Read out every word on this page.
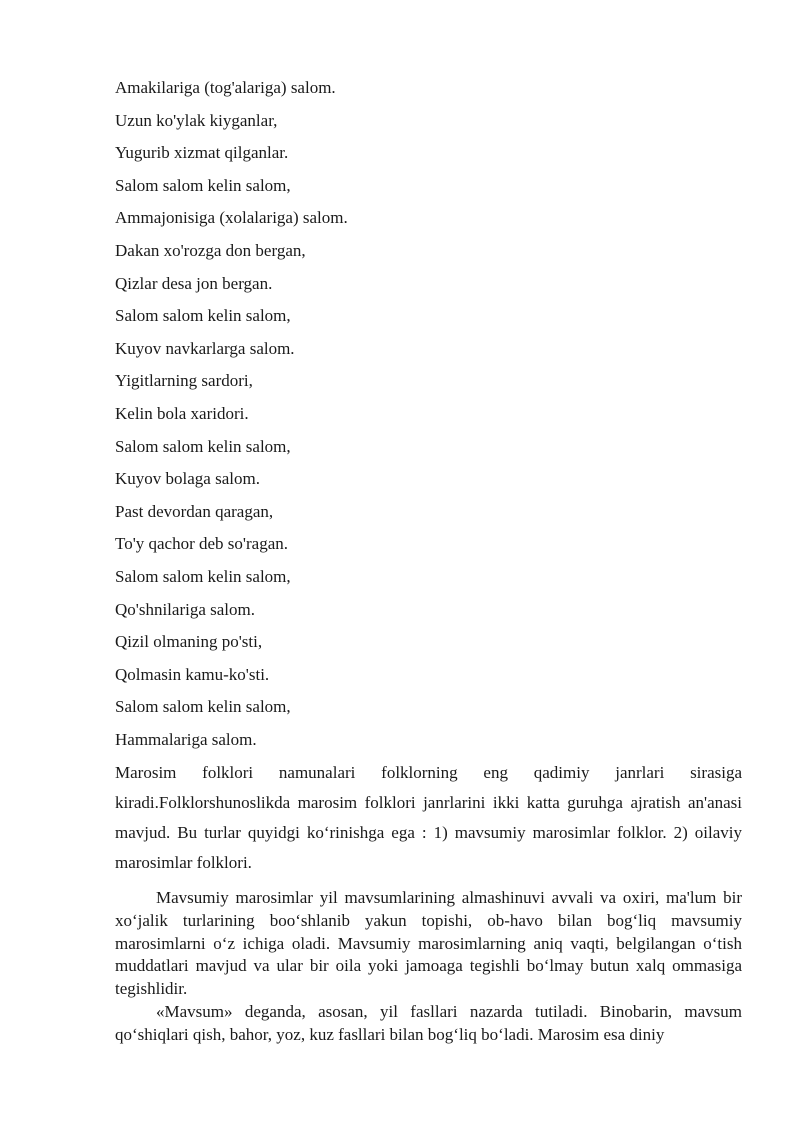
Amakilariga (tog'alariga) salom.
Uzun ko'ylak kiyganlar,
Yugurib xizmat qilganlar.
Salom salom kelin salom,
Ammajonisiga (xolalariga) salom.
Dakan xo'rozga don bergan,
Qizlar desa jon bergan.
Salom salom kelin salom,
Kuyov navkarlarga salom.
Yigitlarning sardori,
Kelin bola xaridori.
Salom salom kelin salom,
Kuyov bolaga salom.
Past devordan qaragan,
To'y qachor deb so'ragan.
Salom salom kelin salom,
Qo'shnilariga salom.
Qizil olmaning po'sti,
Qolmasin kamu-ko'sti.
Salom salom kelin salom,
Hammalariga salom.

Marosim folklori namunalari folklorning eng qadimiy janrlari sirasiga kiradi.Folklorshunoslikda marosim folklori janrlarini ikki katta guruhga ajratish an'anasi mavjud. Bu turlar quyidgi ko‘rinishga ega : 1) mavsumiy marosimlar folklor. 2) oilaviy marosimlar folklori.

Mavsumiy marosimlar yil mavsumlarining almashinuvi avvali va oxiri, ma'lum bir xo‘jalik turlarining boo‘shlanib yakun topishi, ob-havo bilan bog‘liq mavsumiy marosimlarni o‘z ichiga oladi. Mavsumiy marosimlarning aniq vaqti, belgilangan o‘tish muddatlari mavjud va ular bir oila yoki jamoaga tegishli bo‘lmay butun xalq ommasiga tegishlidir.

«Mavsum» deganda, asosan, yil fasllari nazarda tutiladi. Binobarin, mavsum qo‘shiqlari qish, bahor, yoz, kuz fasllari bilan bog‘liq bo‘ladi. Marosim esa diniy
